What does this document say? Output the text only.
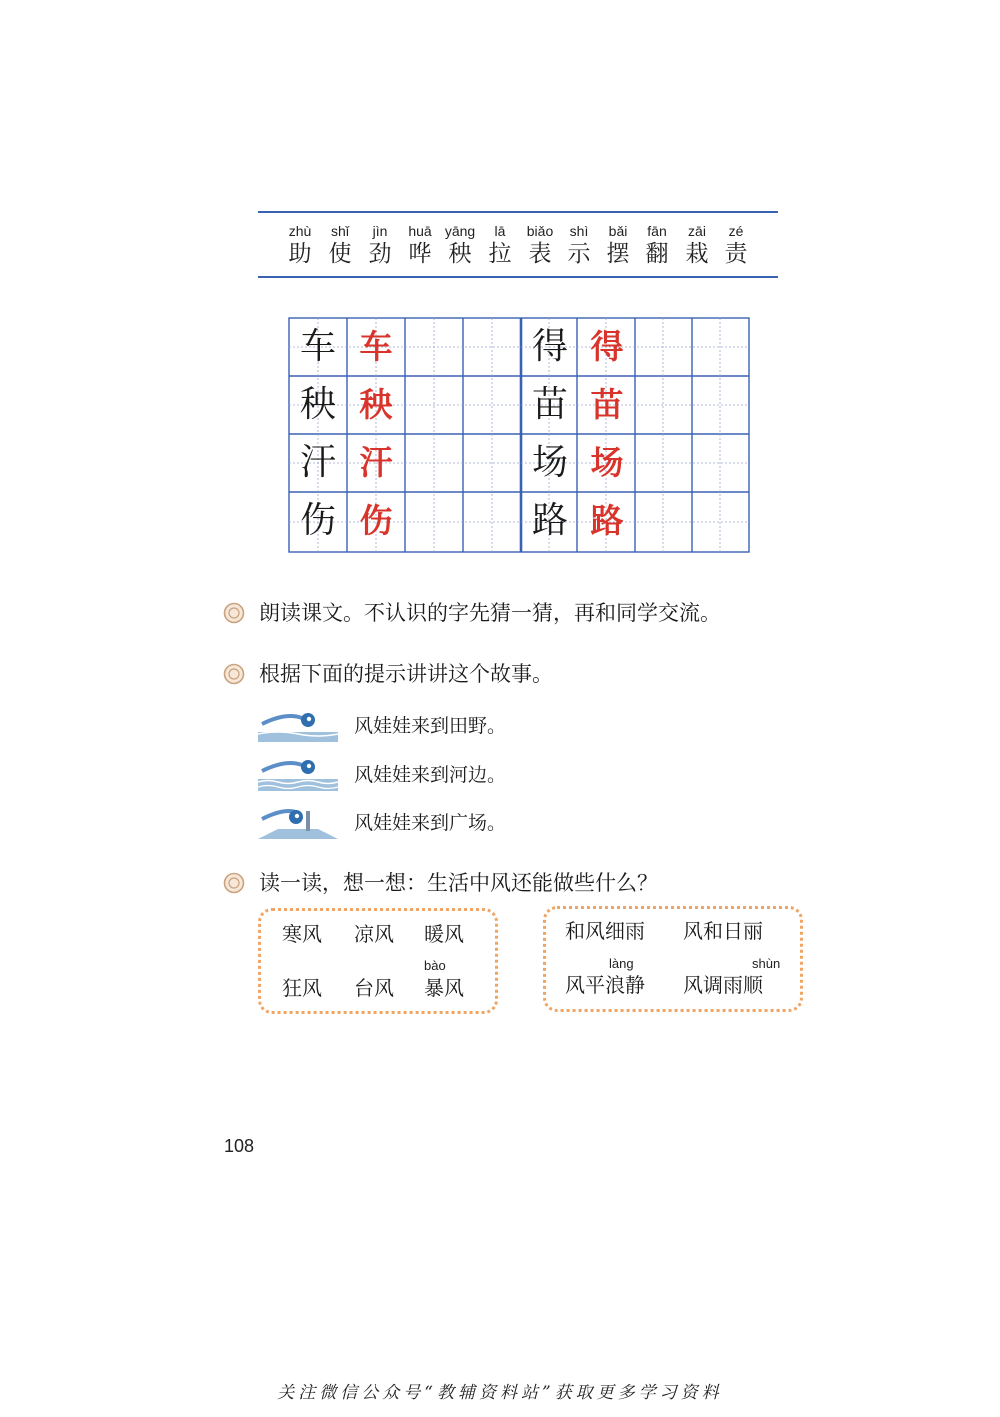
zhù
助
shǐ
使
jìn
劲
huā
哗
yāng
秧
lā
拉
biǎo
表
shì
示
bǎi
摆
fān
翻
zāi
栽
zé
责
车 车
秧 秧
汗 汗
伤 伤
得 得
苗 苗
场 场
路 路
朗读课文。不认识的字先猜一猜，再和同学交流。
根据下面的提示讲讲这个故事。
风娃娃来到田野。
风娃娃来到河边。
风娃娃来到广场。
读一读，想一想：生活中风还能做些什么？
寒风 凉风 暖风
bào
狂风 台风 暴风
和风细雨 风和日丽
làng	shùn
风平浪静 风调雨顺
108
关注微信公众号“教辅资料站”获取更多学习资料
